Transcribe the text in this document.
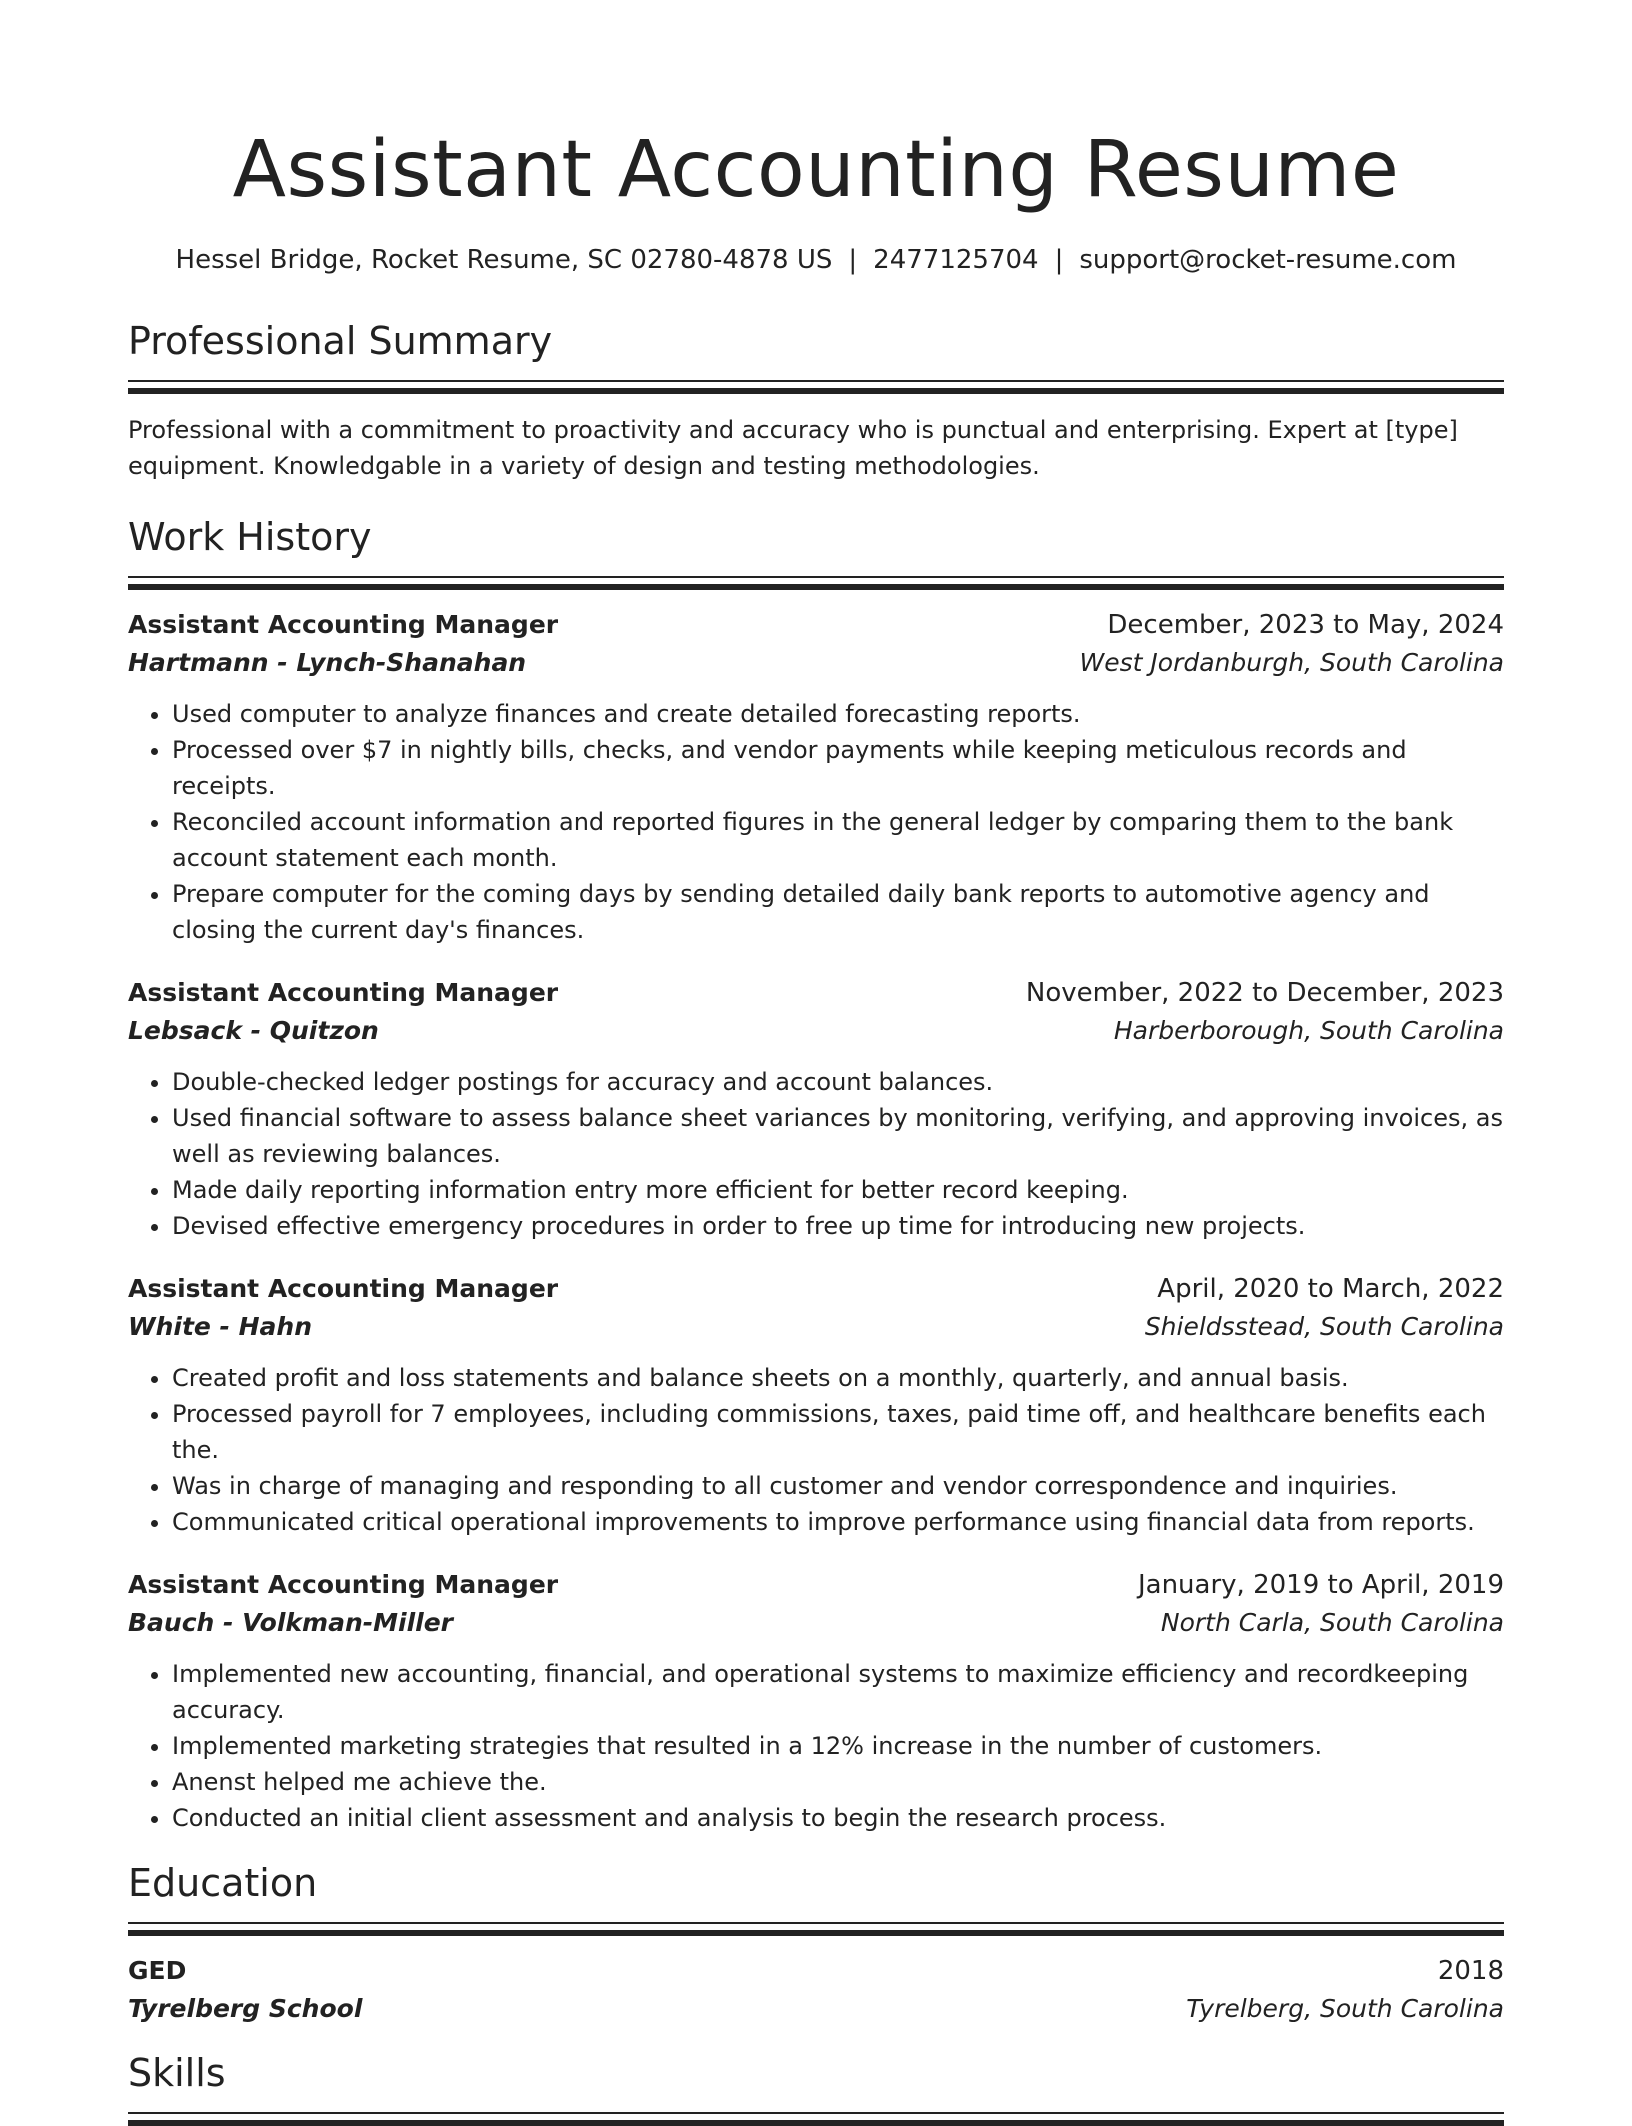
Assistant Accounting Resume
Hessel Bridge, Rocket Resume, SC 02780-4878 US | 2477125704 | support@rocket-resume.com
Professional Summary
Professional with a commitment to proactivity and accuracy who is punctual and enterprising. Expert at [type] equipment. Knowledgable in a variety of design and testing methodologies.
Work History
Assistant Accounting Manager	December, 2023 to May, 2024
Hartmann - Lynch-Shanahan	West Jordanburgh, South Carolina
• Used computer to analyze finances and create detailed forecasting reports.
• Processed over $7 in nightly bills, checks, and vendor payments while keeping meticulous records and receipts.
• Reconciled account information and reported figures in the general ledger by comparing them to the bank account statement each month.
• Prepare computer for the coming days by sending detailed daily bank reports to automotive agency and closing the current day's finances.
Assistant Accounting Manager	November, 2022 to December, 2023
Lebsack - Quitzon	Harberborough, South Carolina
• Double-checked ledger postings for accuracy and account balances.
• Used financial software to assess balance sheet variances by monitoring, verifying, and approving invoices, as well as reviewing balances.
• Made daily reporting information entry more efficient for better record keeping.
• Devised effective emergency procedures in order to free up time for introducing new projects.
Assistant Accounting Manager	April, 2020 to March, 2022
White - Hahn	Shieldsstead, South Carolina
• Created profit and loss statements and balance sheets on a monthly, quarterly, and annual basis.
• Processed payroll for 7 employees, including commissions, taxes, paid time off, and healthcare benefits each the.
• Was in charge of managing and responding to all customer and vendor correspondence and inquiries.
• Communicated critical operational improvements to improve performance using financial data from reports.
Assistant Accounting Manager	January, 2019 to April, 2019
Bauch - Volkman-Miller	North Carla, South Carolina
• Implemented new accounting, financial, and operational systems to maximize efficiency and recordkeeping accuracy.
• Implemented marketing strategies that resulted in a 12% increase in the number of customers.
• Anenst helped me achieve the.
• Conducted an initial client assessment and analysis to begin the research process.
Education
GED	2018
Tyrelberg School	Tyrelberg, South Carolina
Skills
